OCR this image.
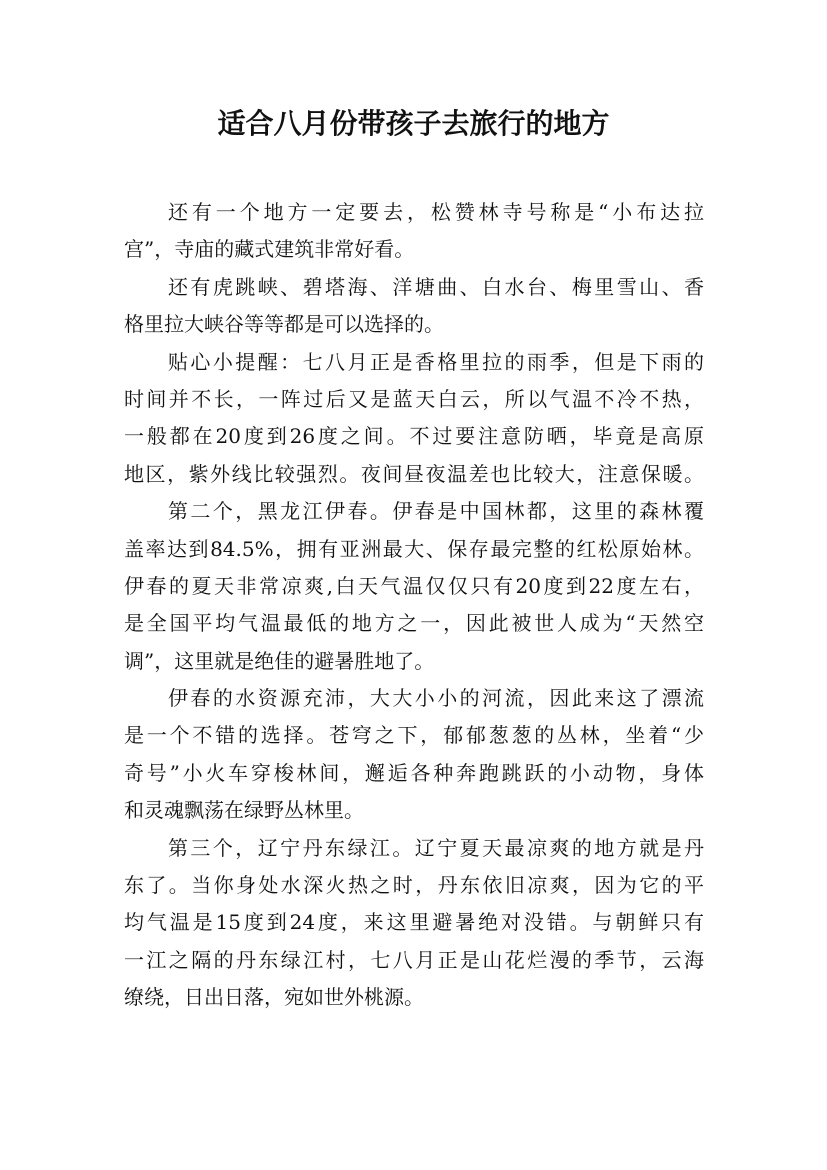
适合八月份带孩子去旅行的地方
还有一个地方一定要去，松赞林寺号称是“小布达拉
宫”，寺庙的藏式建筑非常好看。
还有虎跳峡、碧塔海、洋塘曲、白水台、梅里雪山、香
格里拉大峡谷等等都是可以选择的。
贴心小提醒：七八月正是香格里拉的雨季，但是下雨的
时间并不长，一阵过后又是蓝天白云，所以气温不冷不热，
一般都在20度到26度之间。不过要注意防晒，毕竟是高原
地区，紫外线比较强烈。夜间昼夜温差也比较大，注意保暖。
第二个，黑龙江伊春。伊春是中国林都，这里的森林覆
盖率达到84.5%，拥有亚洲最大、保存最完整的红松原始林。
伊春的夏天非常凉爽,白天气温仅仅只有20度到22度左右，
是全国平均气温最低的地方之一，因此被世人成为“天然空
调”，这里就是绝佳的避暑胜地了。
伊春的水资源充沛，大大小小的河流，因此来这了漂流
是一个不错的选择。苍穹之下，郁郁葱葱的丛林，坐着“少
奇号”小火车穿梭林间，邂逅各种奔跑跳跃的小动物，身体
和灵魂飘荡在绿野丛林里。
第三个，辽宁丹东绿江。辽宁夏天最凉爽的地方就是丹
东了。当你身处水深火热之时，丹东依旧凉爽，因为它的平
均气温是15度到24度，来这里避暑绝对没错。与朝鲜只有
一江之隔的丹东绿江村，七八月正是山花烂漫的季节，云海
缭绕，日出日落，宛如世外桃源。
